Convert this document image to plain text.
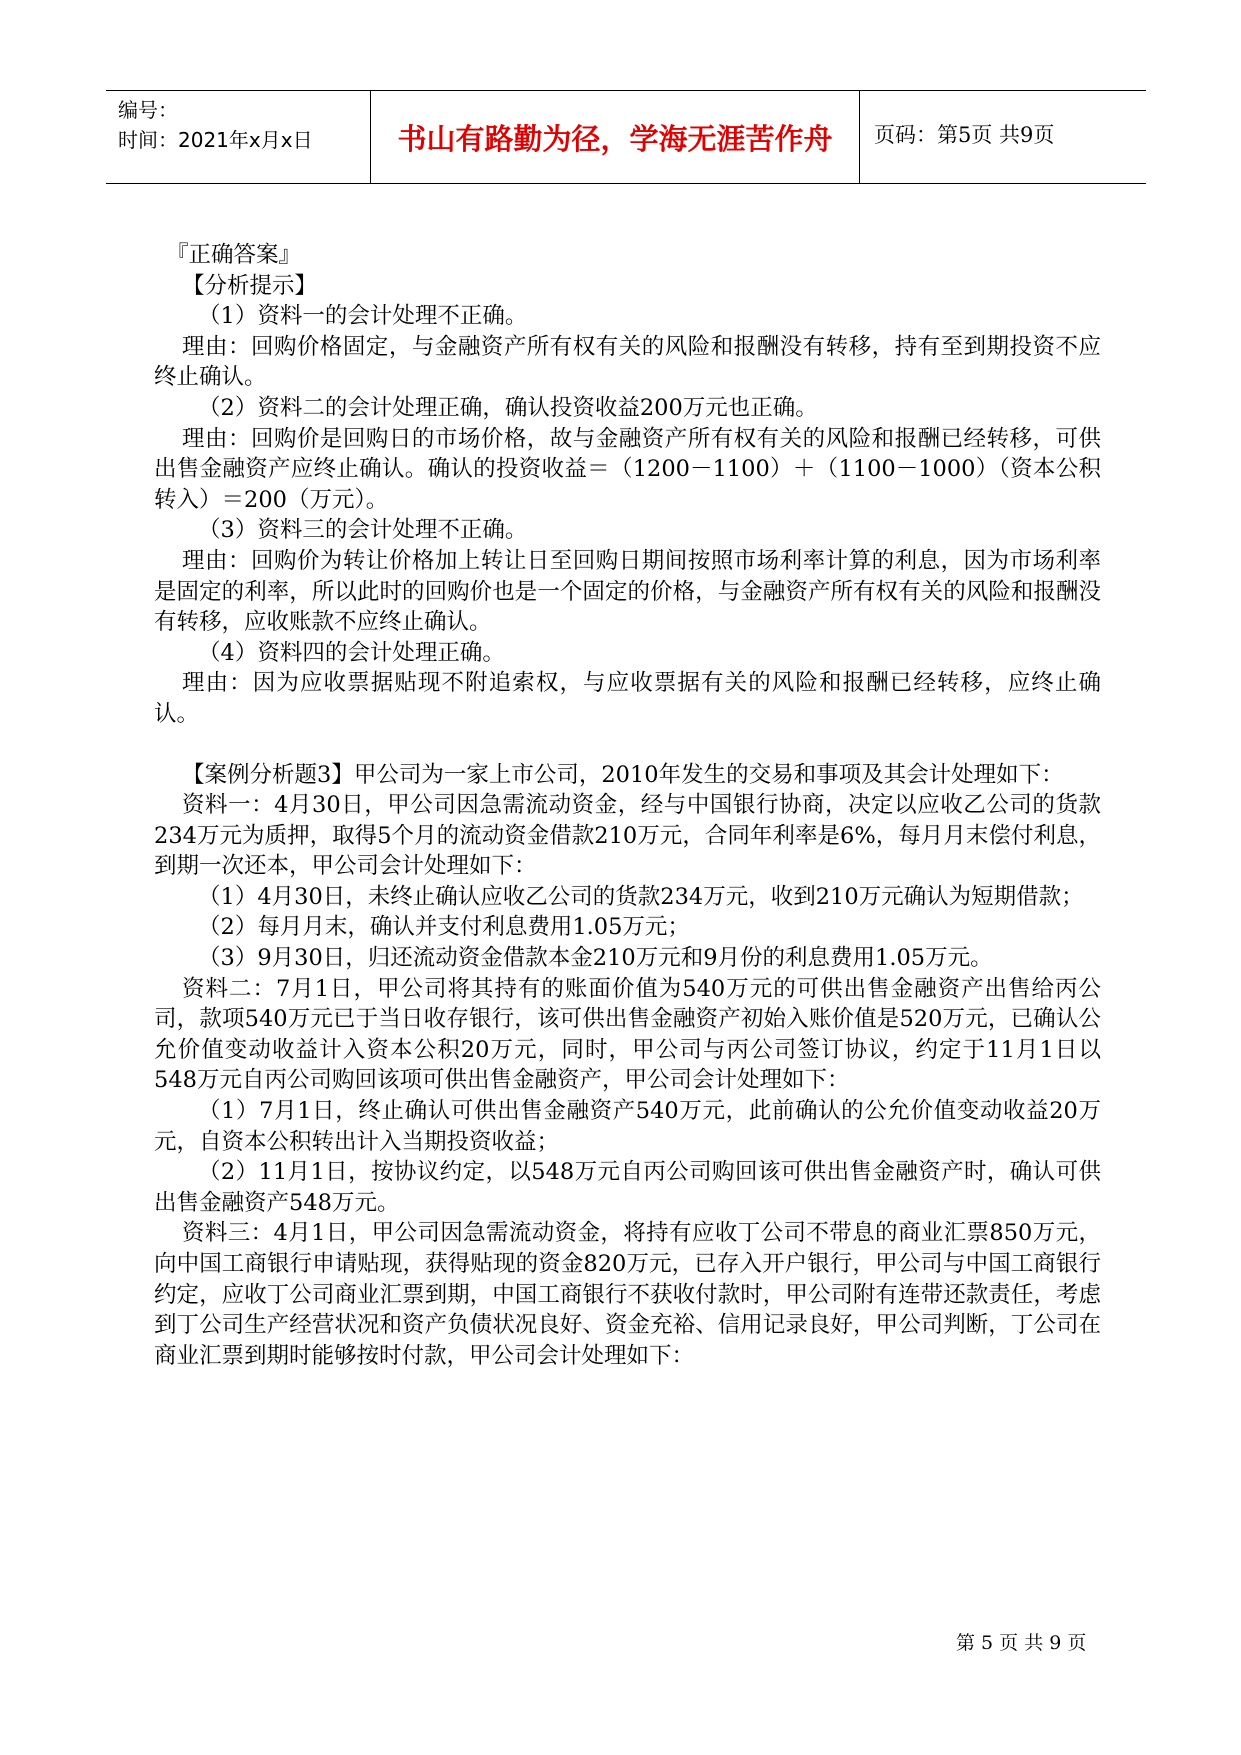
编号：
时间：2021年x月x日	书山有路勤为径，学海无涯苦作舟	页码：第5页 共9页

『正确答案』

【分析提示】

（1）资料一的会计处理不正确。

理由：回购价格固定，与金融资产所有权有关的风险和报酬没有转移，持有至到期投资不应终止确认。

（2）资料二的会计处理正确，确认投资收益200万元也正确。

理由：回购价是回购日的市场价格，故与金融资产所有权有关的风险和报酬已经转移，可供出售金融资产应终止确认。确认的投资收益＝（1200－1100）＋（1100－1000）（资本公积转入）＝200（万元）。

（3）资料三的会计处理不正确。

理由：回购价为转让价格加上转让日至回购日期间按照市场利率计算的利息，因为市场利率是固定的利率，所以此时的回购价也是一个固定的价格，与金融资产所有权有关的风险和报酬没有转移，应收账款不应终止确认。

（4）资料四的会计处理正确。

理由：因为应收票据贴现不附追索权，与应收票据有关的风险和报酬已经转移，应终止确认。

【案例分析题3】甲公司为一家上市公司，2010年发生的交易和事项及其会计处理如下：

资料一：4月30日，甲公司因急需流动资金，经与中国银行协商，决定以应收乙公司的货款234万元为质押，取得5个月的流动资金借款210万元，合同年利率是6%，每月月末偿付利息，到期一次还本，甲公司会计处理如下：

（1）4月30日，未终止确认应收乙公司的货款234万元，收到210万元确认为短期借款；

（2）每月月末，确认并支付利息费用1.05万元；

（3）9月30日，归还流动资金借款本金210万元和9月份的利息费用1.05万元。

资料二：7月1日，甲公司将其持有的账面价值为540万元的可供出售金融资产出售给丙公司，款项540万元已于当日收存银行，该可供出售金融资产初始入账价值是520万元，已确认公允价值变动收益计入资本公积20万元，同时，甲公司与丙公司签订协议，约定于11月1日以548万元自丙公司购回该项可供出售金融资产，甲公司会计处理如下：

（1）7月1日，终止确认可供出售金融资产540万元，此前确认的公允价值变动收益20万元，自资本公积转出计入当期投资收益；

（2）11月1日，按协议约定，以548万元自丙公司购回该可供出售金融资产时，确认可供出售金融资产548万元。

资料三：4月1日，甲公司因急需流动资金，将持有应收丁公司不带息的商业汇票850万元，向中国工商银行申请贴现，获得贴现的资金820万元，已存入开户银行，甲公司与中国工商银行约定，应收丁公司商业汇票到期，中国工商银行不获收付款时，甲公司附有连带还款责任，考虑到丁公司生产经营状况和资产负债状况良好、资金充裕、信用记录良好，甲公司判断，丁公司在商业汇票到期时能够按时付款，甲公司会计处理如下：

第 5 页 共 9 页
